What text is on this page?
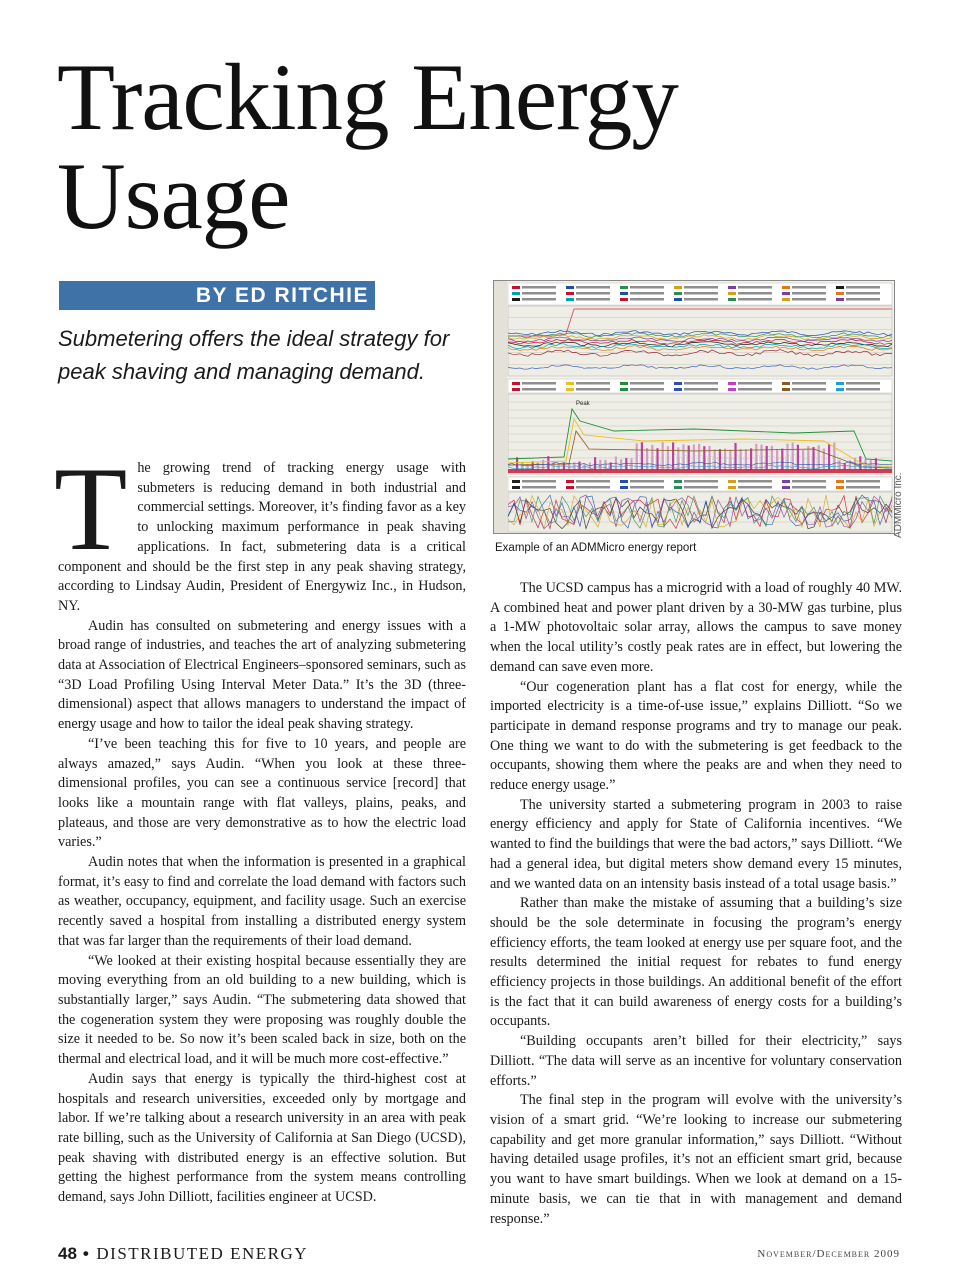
Tracking Energy
Usage
BY ED RITCHIE

Submetering offers the ideal strategy for peak shaving and managing demand.

T he growing trend of tracking energy usage with submeters is reducing demand in both industrial and commercial settings. Moreover, it’s finding favor as a key to unlocking maximum performance in peak shaving applications. In fact, submetering data is a critical component and should be the first step in any peak shaving strategy, according to Lindsay Audin, President of Energywiz Inc., in Hudson, NY.

Audin has consulted on submetering and energy issues with a broad range of industries, and teaches the art of analyzing submetering data at Association of Electrical Engineers–sponsored seminars, such as “3D Load Profiling Using Interval Meter Data.” It’s the 3D (three-dimensional) aspect that allows managers to understand the impact of energy usage and how to tailor the ideal peak shaving strategy.

“I’ve been teaching this for five to 10 years, and people are always amazed,” says Audin. “When you look at these three-dimensional profiles, you can see a continuous service [record] that looks like a mountain range with flat valleys, plains, peaks, and plateaus, and those are very demonstrative as to how the electric load varies.”

Audin notes that when the information is presented in a graphical format, it’s easy to find and correlate the load demand with factors such as weather, occupancy, equipment, and facility usage. Such an exercise recently saved a hospital from installing a distributed energy system that was far larger than the requirements of their load demand.

“We looked at their existing hospital because essentially they are moving everything from an old building to a new building, which is substantially larger,” says Audin. “The submetering data showed that the cogeneration system they were proposing was roughly double the size it needed to be. So now it’s been scaled back in size, both on the thermal and electrical load, and it will be much more cost-effective.”

Audin says that energy is typically the third-highest cost at hospitals and research universities, exceeded only by mortgage and labor. If we’re talking about a research university in an area with peak rate billing, such as the University of California at San Diego (UCSD), peak shaving with distributed energy is an effective solution. But getting the highest performance from the system means controlling demand, says John Dilliott, facilities engineer at UCSD.

Peak
ADMMicro Inc.
Example of an ADMMicro energy report

The UCSD campus has a microgrid with a load of roughly 40 MW. A combined heat and power plant driven by a 30-MW gas turbine, plus a 1-MW photovoltaic solar array, allows the campus to save money when the local utility’s costly peak rates are in effect, but lowering the demand can save even more.

“Our cogeneration plant has a flat cost for energy, while the imported electricity is a time-of-use issue,” explains Dilliott. “So we participate in demand response programs and try to manage our peak. One thing we want to do with the submetering is get feedback to the occupants, showing them where the peaks are and when they need to reduce energy usage.”

The university started a submetering program in 2003 to raise energy efficiency and apply for State of California incentives. “We wanted to find the buildings that were the bad actors,” says Dilliott. “We had a general idea, but digital meters show demand every 15 minutes, and we wanted data on an intensity basis instead of a total usage basis.”

Rather than make the mistake of assuming that a building’s size should be the sole determinate in focusing the program’s energy efficiency efforts, the team looked at energy use per square foot, and the results determined the initial request for rebates to fund energy efficiency projects in those buildings. An additional benefit of the effort is the fact that it can build awareness of energy costs for a building’s occupants.

“Building occupants aren’t billed for their electricity,” says Dilliott. “The data will serve as an incentive for voluntary conservation efforts.”

The final step in the program will evolve with the university’s vision of a smart grid. “We’re looking to increase our submetering capability and get more granular information,” says Dilliott. “Without having detailed usage profiles, it’s not an efficient smart grid, because you want to have smart buildings. When we look at demand on a 15-minute basis, we can tie that in with management and demand response.”

48 • DISTRIBUTED ENERGY	November/December 2009
